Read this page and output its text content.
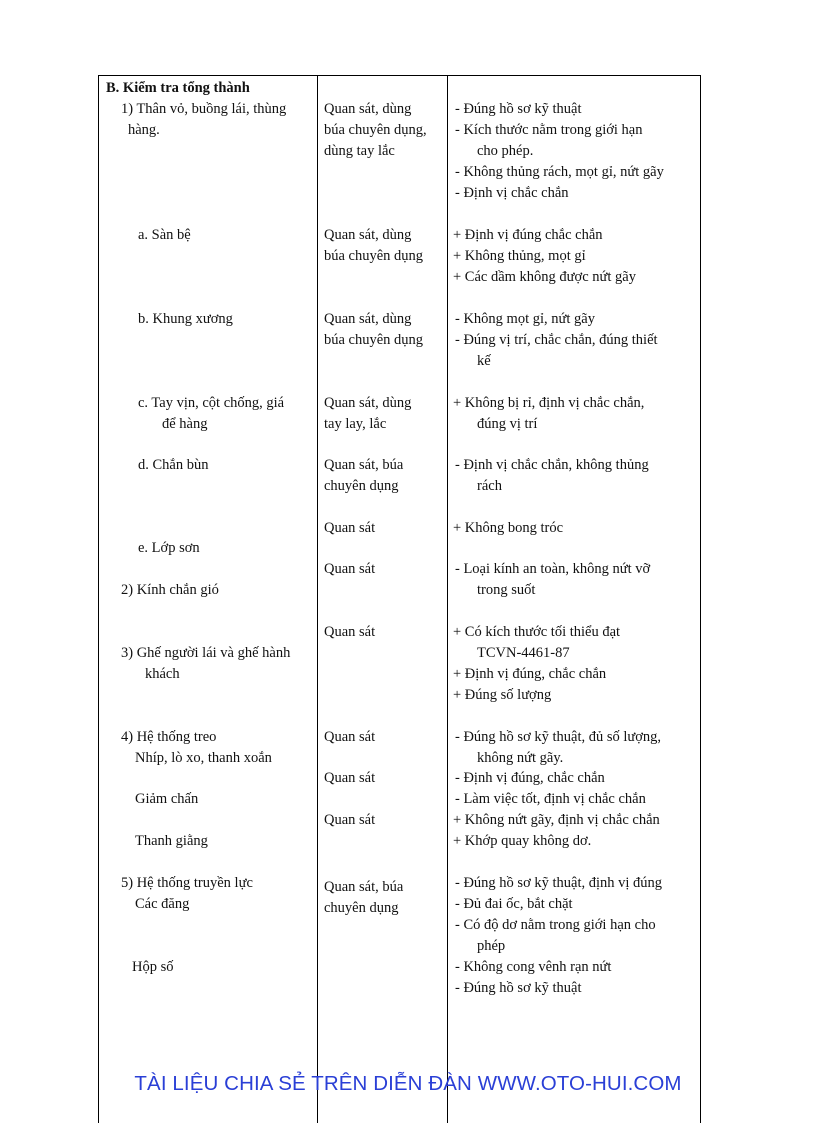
B. Kiểm tra tổng thành
1) Thân vỏ, buồng lái, thùng
hàng.
a. Sàn bệ
b. Khung xương
c. Tay vịn, cột chống, giá
để hàng
d. Chắn bùn
e. Lớp sơn
2) Kính chắn gió
3) Ghế người lái và ghế hành
khách
4) Hệ thống treo
Nhíp, lò xo, thanh xoắn
Giảm chấn
Thanh giằng
5) Hệ thống truyền lực
Các đăng
Hộp số
Quan sát, dùng
búa chuyên dụng,
dùng tay lắc
Quan sát, dùng
búa chuyên dụng
Quan sát, dùng
búa chuyên dụng
Quan sát, dùng
tay lay, lắc
Quan sát, búa
chuyên dụng
Quan sát
Quan sát
Quan sát
Quan sát
Quan sát
Quan sát
Quan sát, búa
chuyên dụng
- Đúng hồ sơ kỹ thuật
- Kích thước nằm trong giới hạn
cho phép.
- Không thủng rách, mọt gỉ, nứt gãy
- Định vị chắc chắn
+ Định vị đúng chắc chắn
+ Không thủng, mọt gỉ
+ Các dầm không được nứt gãy
- Không mọt gỉ, nứt gãy
- Đúng vị trí, chắc chắn, đúng thiết
kế
+ Không bị rỉ, định vị chắc chắn,
đúng vị trí
- Định vị chắc chắn, không thủng
rách
+ Không bong tróc
- Loại kính an toàn, không nứt vỡ
trong suốt
+ Có kích thước tối thiểu đạt
TCVN-4461-87
+ Định vị đúng, chắc chắn
+ Đúng số lượng
- Đúng hồ sơ kỹ thuật, đủ số lượng,
không nứt gãy.
- Định vị đúng, chắc chắn
- Làm việc tốt, định vị chắc chắn
+ Không nứt gãy, định vị chắc chắn
+ Khớp quay không dơ.
- Đúng hồ sơ kỹ thuật, định vị đúng
- Đủ đai ốc, bắt chặt
- Có độ dơ nằm trong giới hạn cho
phép
- Không cong vênh rạn nứt
- Đúng hồ sơ kỹ thuật
TÀI LIỆU CHIA SẺ TRÊN DIỄN ĐÀN WWW.OTO-HUI.COM
